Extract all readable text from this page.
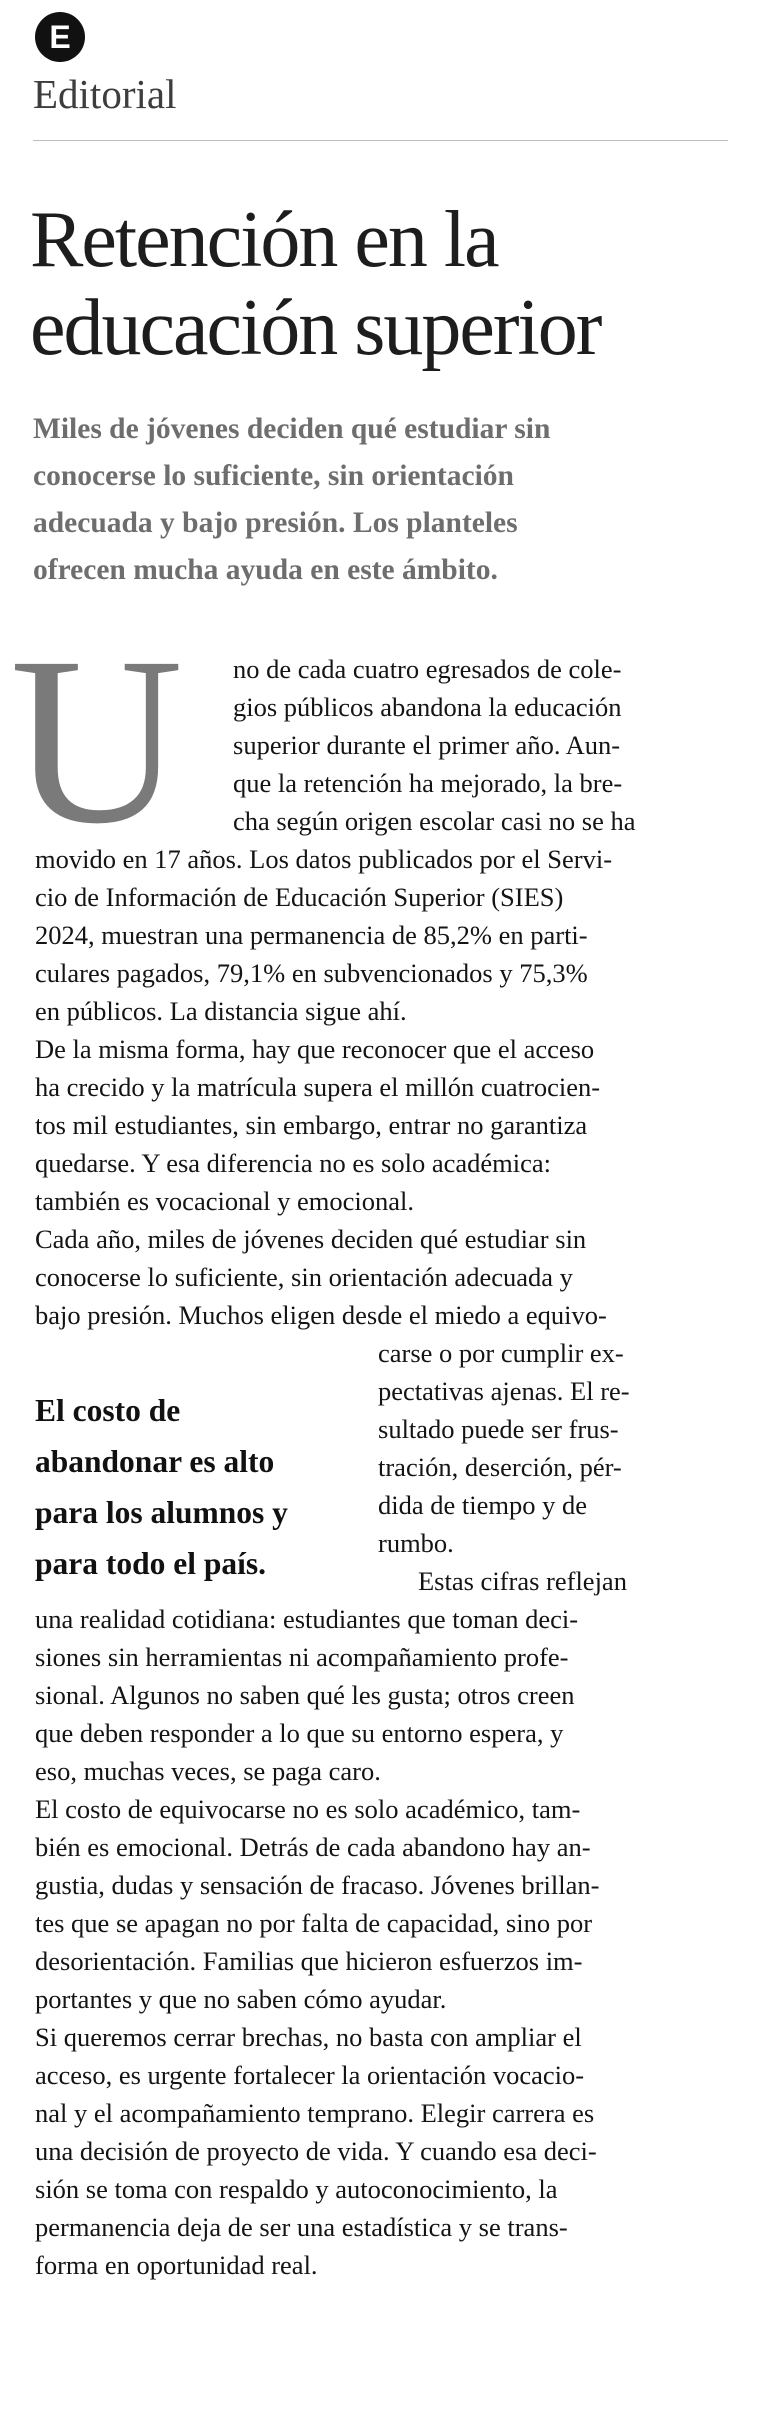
E
Editorial
Retención en la
educación superior
Miles de jóvenes deciden qué estudiar sin
conocerse lo suficiente, sin orientación
adecuada y bajo presión. Los planteles
ofrecen mucha ayuda en este ámbito.
U no de cada cuatro egresados de cole-
gios públicos abandona la educación
superior durante el primer año. Aun-
que la retención ha mejorado, la bre-
cha según origen escolar casi no se ha
movido en 17 años. Los datos publicados por el Servi-
cio de Información de Educación Superior (SIES)
2024, muestran una permanencia de 85,2% en parti-
culares pagados, 79,1% en subvencionados y 75,3%
en públicos. La distancia sigue ahí.
De la misma forma, hay que reconocer que el acceso
ha crecido y la matrícula supera el millón cuatrocien-
tos mil estudiantes, sin embargo, entrar no garantiza
quedarse. Y esa diferencia no es solo académica:
también es vocacional y emocional.
Cada año, miles de jóvenes deciden qué estudiar sin
conocerse lo suficiente, sin orientación adecuada y
bajo presión. Muchos eligen desde el miedo a equivo-
El costo de
abandonar es alto
para los alumnos y
para todo el país.
carse o por cumplir ex-
pectativas ajenas. El re-
sultado puede ser frus-
tración, deserción, pér-
dida de tiempo y de
rumbo.
Estas cifras reflejan
una realidad cotidiana: estudiantes que toman deci-
siones sin herramientas ni acompañamiento profe-
sional. Algunos no saben qué les gusta; otros creen
que deben responder a lo que su entorno espera, y
eso, muchas veces, se paga caro.
El costo de equivocarse no es solo académico, tam-
bién es emocional. Detrás de cada abandono hay an-
gustia, dudas y sensación de fracaso. Jóvenes brillan-
tes que se apagan no por falta de capacidad, sino por
desorientación. Familias que hicieron esfuerzos im-
portantes y que no saben cómo ayudar.
Si queremos cerrar brechas, no basta con ampliar el
acceso, es urgente fortalecer la orientación vocacio-
nal y el acompañamiento temprano. Elegir carrera es
una decisión de proyecto de vida. Y cuando esa deci-
sión se toma con respaldo y autoconocimiento, la
permanencia deja de ser una estadística y se trans-
forma en oportunidad real.
